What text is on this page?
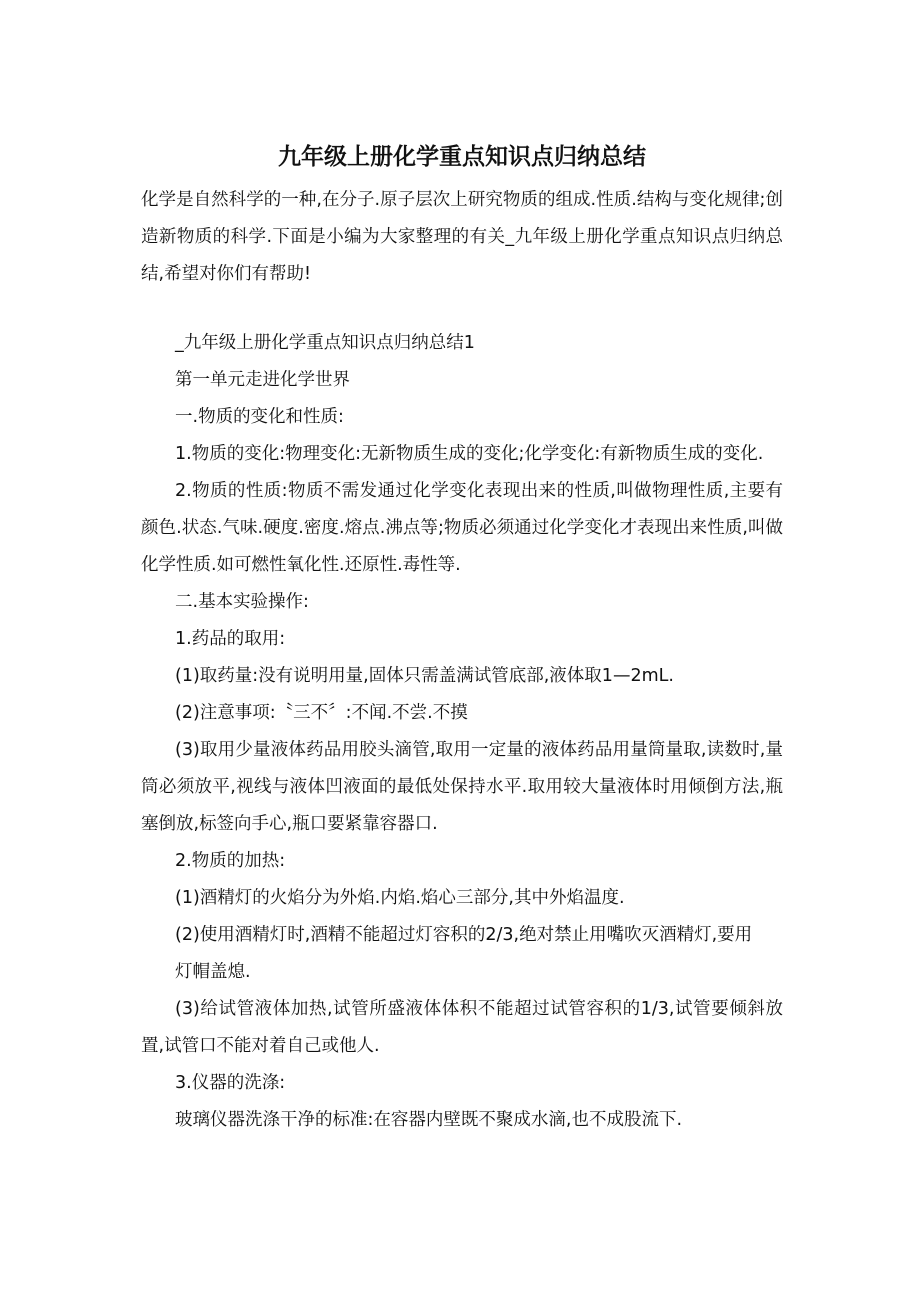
九年级上册化学重点知识点归纳总结

化学是自然科学的一种,在分子.原子层次上研究物质的组成.性质.结构与变化规律;创造新物质的科学.下面是小编为大家整理的有关_九年级上册化学重点知识点归纳总结,希望对你们有帮助!

_九年级上册化学重点知识点归纳总结1

第一单元走进化学世界

一.物质的变化和性质:

1.物质的变化:物理变化:无新物质生成的变化;化学变化:有新物质生成的变化.

2.物质的性质:物质不需发通过化学变化表现出来的性质,叫做物理性质,主要有颜色.状态.气味.硬度.密度.熔点.沸点等;物质必须通过化学变化才表现出来性质,叫做化学性质.如可燃性氧化性.还原性.毒性等.

二.基本实验操作:

1.药品的取用:

(1)取药量:没有说明用量,固体只需盖满试管底部,液体取1—2mL.

(2)注意事项:〝三不〞:不闻.不尝.不摸

(3)取用少量液体药品用胶头滴管,取用一定量的液体药品用量筒量取,读数时,量筒必须放平,视线与液体凹液面的最低处保持水平.取用较大量液体时用倾倒方法,瓶塞倒放,标签向手心,瓶口要紧靠容器口.

2.物质的加热:

(1)酒精灯的火焰分为外焰.内焰.焰心三部分,其中外焰温度.

(2)使用酒精灯时,酒精不能超过灯容积的2/3,绝对禁止用嘴吹灭酒精灯,要用

灯帽盖熄.

(3)给试管液体加热,试管所盛液体体积不能超过试管容积的1/3,试管要倾斜放置,试管口不能对着自己或他人.

3.仪器的洗涤:

玻璃仪器洗涤干净的标准:在容器内壁既不聚成水滴,也不成股流下.
